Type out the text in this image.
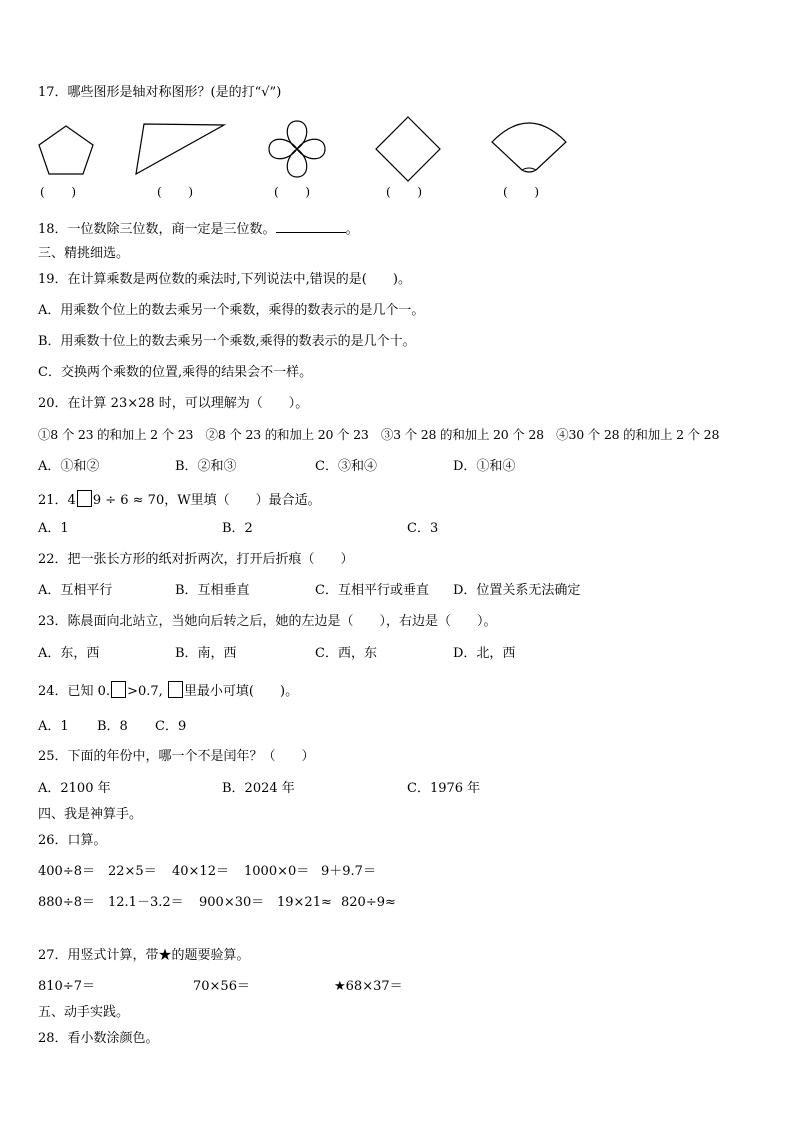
17．哪些图形是轴对称图形？(是的打“√”)
(       )	(       )	(       )	(       )	(       )
18．一位数除三位数，商一定是三位数。	。
三、精挑细选。
19．在计算乘数是两位数的乘法时,下列说法中,错误的是(　　)。
A．用乘数个位上的数去乘另一个乘数，乘得的数表示的是几个一。
B．用乘数十位上的数去乘另一个乘数,乘得的数表示的是几个十。
C．交换两个乘数的位置,乘得的结果会不一样。
20．在计算 23×28 时，可以理解为（　　）。
①8 个 23 的和加上 2 个 23　②8 个 23 的和加上 20 个 23　③3 个 28 的和加上 20 个 28　④30 个 28 的和加上 2 个 28
A．①和②	B．②和③	C．③和④	D．①和④
21．4 9 ÷ 6 ≈ 70，W里填（　　）最合适。
A．1	B．2	C．3
22．把一张长方形的纸对折两次，打开后折痕（　　）
A．互相平行	B．互相垂直	C．互相平行或垂直 D．位置关系无法确定
23．陈晨面向北站立，当她向后转之后，她的左边是（　　），右边是（　　）。
A．东，西	B．南，西	C．西，东	D．北，西
24．已知 0. >0.7, 里最小可填(　　)。
A．1 B．8 C．9
25．下面的年份中，哪一个不是闰年？（　　）
A．2100 年	B．2024 年	C．1976 年
四、我是神算手。
26．口算。
400÷8＝ 22×5＝ 40×12＝ 1000×0＝ 9＋9.7＝
880÷8＝ 12.1－3.2＝ 900×30＝ 19×21≈ 820÷9≈
27．用竖式计算，带★的题要验算。
810÷7＝	70×56＝	★68×37＝
五、动手实践。
28．看小数涂颜色。
